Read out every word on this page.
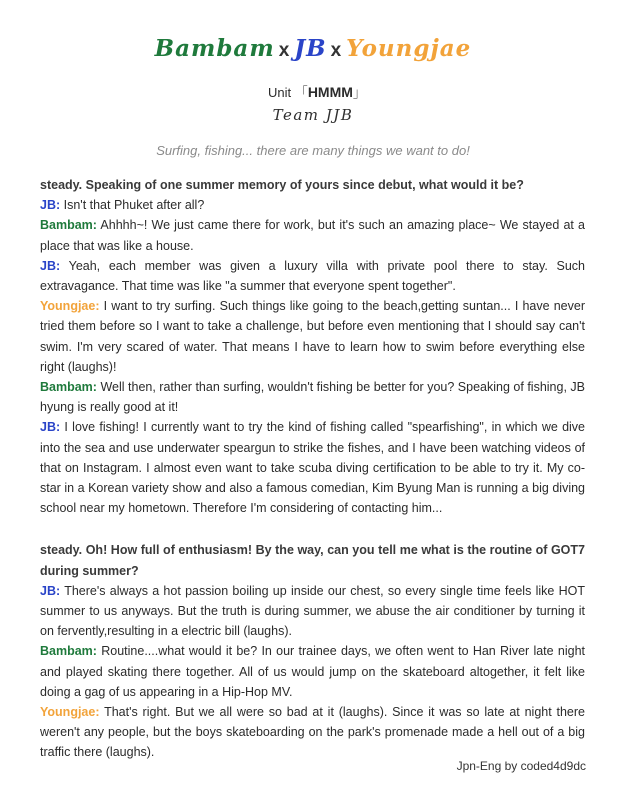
Bambam x JB x Youngjae
Unit 「HMMM」
Team JJB
Surfing, fishing... there are many things we want to do!

steady. Speaking of one summer memory of yours since debut, what would it be?

JB: Isn't that Phuket after all?

Bambam: Ahhhh~! We just came there for work, but it's such an amazing place~ We stayed at a place that was like a house.

JB: Yeah, each member was given a luxury villa with private pool there to stay. Such extravagance. That time was like "a summer that everyone spent together".

Youngjae: I want to try surfing. Such things like going to the beach,getting suntan... I have never tried them before so I want to take a challenge, but before even mentioning that I should say can't swim. I'm very scared of water. That means I have to learn how to swim before everything else right (laughs)!

Bambam: Well then, rather than surfing, wouldn't fishing be better for you? Speaking of fishing, JB hyung is really good at it!

JB: I love fishing! I currently want to try the kind of fishing called "spearfishing", in which we dive into the sea and use underwater speargun to strike the fishes, and I have been watching videos of that on Instagram. I almost even want to take scuba diving certification to be able to try it. My co-star in a Korean variety show and also a famous comedian, Kim Byung Man is running a big diving school near my hometown. Therefore I'm considering of contacting him...

steady. Oh! How full of enthusiasm! By the way, can you tell me what is the routine of GOT7 during summer?

JB: There's always a hot passion boiling up inside our chest, so every single time feels like HOT summer to us anyways. But the truth is during summer, we abuse the air conditioner by turning it on fervently,resulting in a electric bill (laughs).

Bambam: Routine....what would it be? In our trainee days, we often went to Han River late night and played skating there together. All of us would jump on the skateboard altogether, it felt like doing a gag of us appearing in a Hip-Hop MV.

Youngjae: That's right. But we all were so bad at it (laughs). Since it was so late at night there weren't any people, but the boys skateboarding on the park's promenade made a hell out of a big traffic there (laughs).

Jpn-Eng by coded4d9dc
